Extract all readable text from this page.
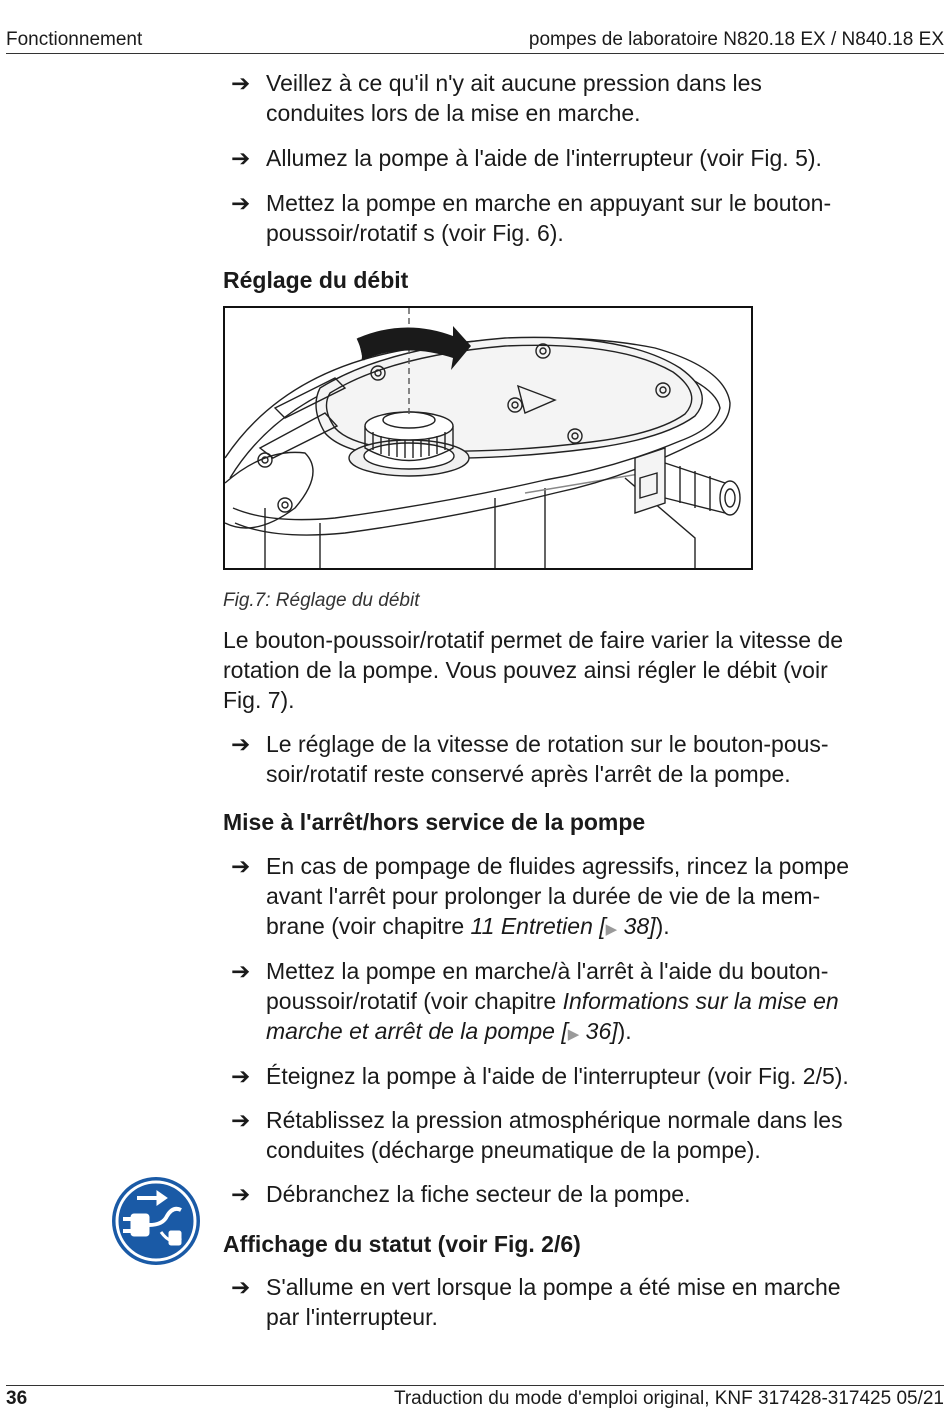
Fonctionnement	pompes de laboratoire N820.18 EX / N840.18 EX
➔ Veillez à ce qu'il n'y ait aucune pression dans les
conduites lors de la mise en marche.
➔ Allumez la pompe à l'aide de l'interrupteur (voir Fig. 5).
➔ Mettez la pompe en marche en appuyant sur le bouton-
poussoir/rotatif s (voir Fig. 6).
Réglage du débit
Fig.7: Réglage du débit
Le bouton-poussoir/rotatif permet de faire varier la vitesse de
rotation de la pompe. Vous pouvez ainsi régler le débit (voir
Fig. 7).
➔ Le réglage de la vitesse de rotation sur le bouton-pous-
soir/rotatif reste conservé après l'arrêt de la pompe.
Mise à l'arrêt/hors service de la pompe
➔ En cas de pompage de fluides agressifs, rincez la pompe
avant l'arrêt pour prolonger la durée de vie de la mem-
brane (voir chapitre 11 Entretien [▶ 38]).
➔ Mettez la pompe en marche/à l'arrêt à l'aide du bouton-
poussoir/rotatif (voir chapitre Informations sur la mise en
marche et arrêt de la pompe [▶ 36]).
➔ Éteignez la pompe à l'aide de l'interrupteur (voir Fig. 2/5).
➔ Rétablissez la pression atmosphérique normale dans les
conduites (décharge pneumatique de la pompe).
➔ Débranchez la fiche secteur de la pompe.
Affichage du statut (voir Fig. 2/6)
➔ S'allume en vert lorsque la pompe a été mise en marche
par l'interrupteur.
36	Traduction du mode d'emploi original, KNF 317428-317425 05/21
